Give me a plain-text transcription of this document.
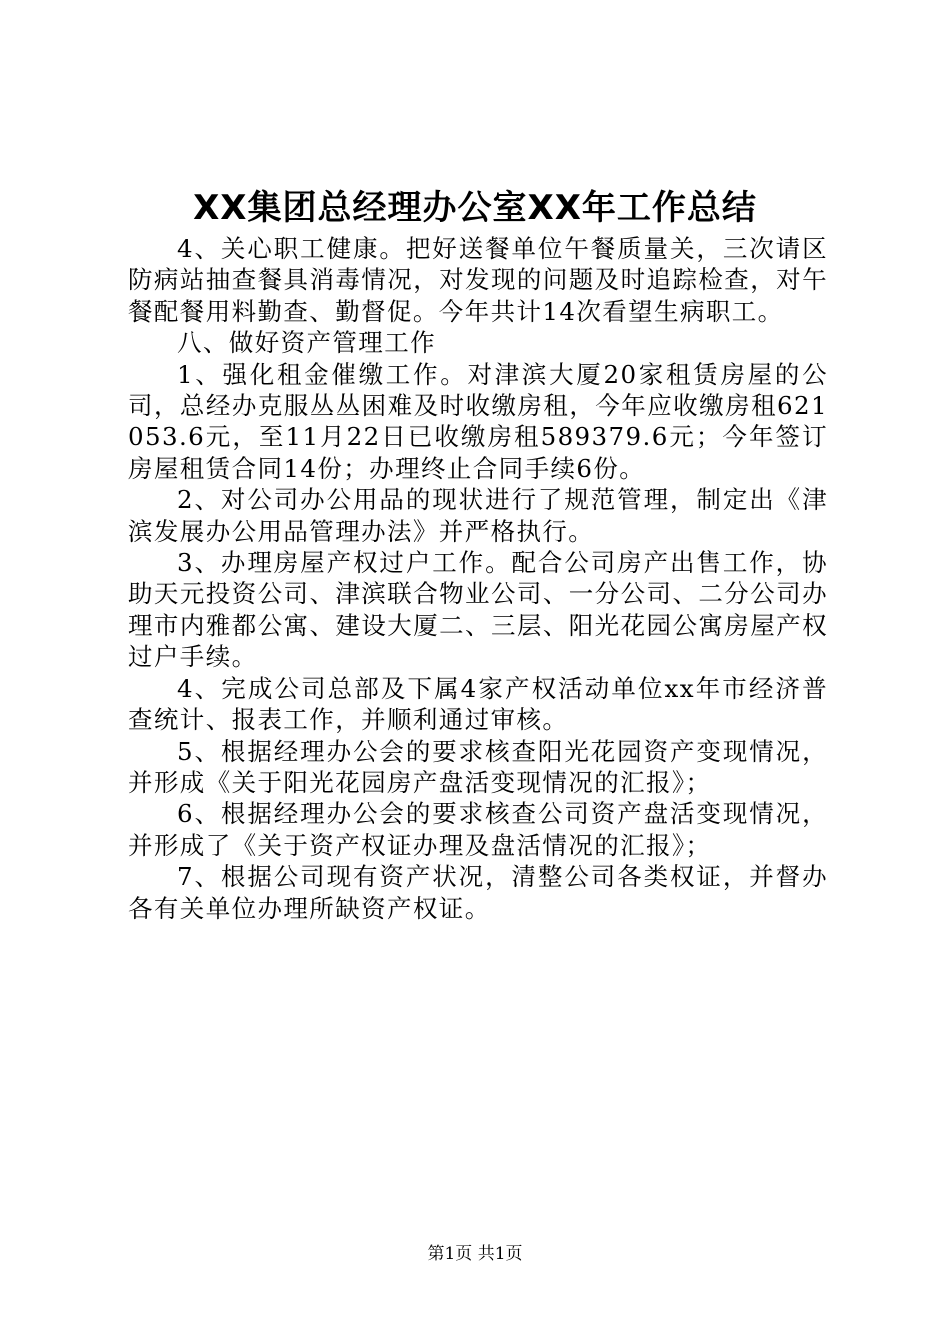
XX集团总经理办公室XX年工作总结

4、关心职工健康。把好送餐单位午餐质量关，三次请区防病站抽查餐具消毒情况，对发现的问题及时追踪检查，对午餐配餐用料勤查、勤督促。今年共计14次看望生病职工。

八、做好资产管理工作

1、强化租金催缴工作。对津滨大厦20家租赁房屋的公司，总经办克服丛丛困难及时收缴房租，今年应收缴房租621053.6元，至11月22日已收缴房租589379.6元；今年签订房屋租赁合同14份；办理终止合同手续6份。

2、对公司办公用品的现状进行了规范管理，制定出《津滨发展办公用品管理办法》并严格执行。

3、办理房屋产权过户工作。配合公司房产出售工作，协助天元投资公司、津滨联合物业公司、一分公司、二分公司办理市内雅都公寓、建设大厦二、三层、阳光花园公寓房屋产权过户手续。

4、完成公司总部及下属4家产权活动单位xx年市经济普查统计、报表工作，并顺利通过审核。

5、根据经理办公会的要求核查阳光花园资产变现情况，并形成《关于阳光花园房产盘活变现情况的汇报》；

6、根据经理办公会的要求核查公司资产盘活变现情况，并形成了《关于资产权证办理及盘活情况的汇报》；

7、根据公司现有资产状况，清整公司各类权证，并督办各有关单位办理所缺资产权证。

第1页 共1页
